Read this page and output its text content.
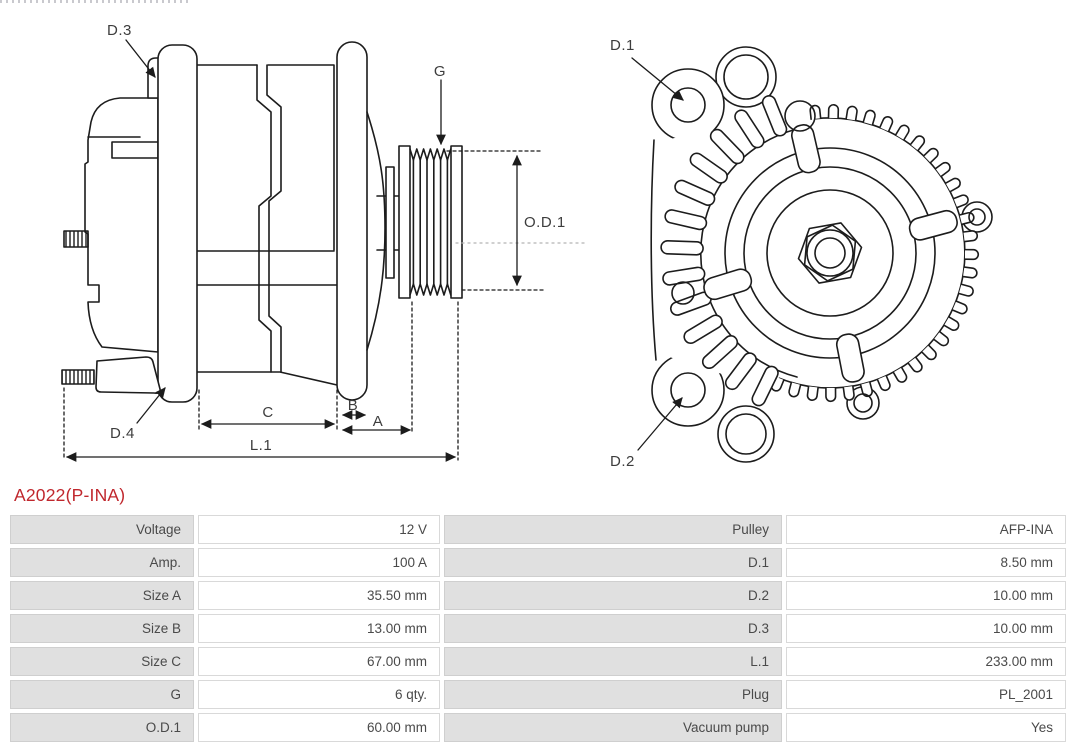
D.3
G
O.D.1
D.4
C	B
A
L.1
D.1
D.2
A2022(P-INA)
Voltage	12 V	Pulley	AFP-INA
Amp.	100 A	D.1	8.50 mm
Size A	35.50 mm	D.2	10.00 mm
Size B	13.00 mm	D.3	10.00 mm
Size C	67.00 mm	L.1	233.00 mm
G	6 qty.	Plug	PL_2001
O.D.1	60.00 mm	Vacuum pump	Yes
